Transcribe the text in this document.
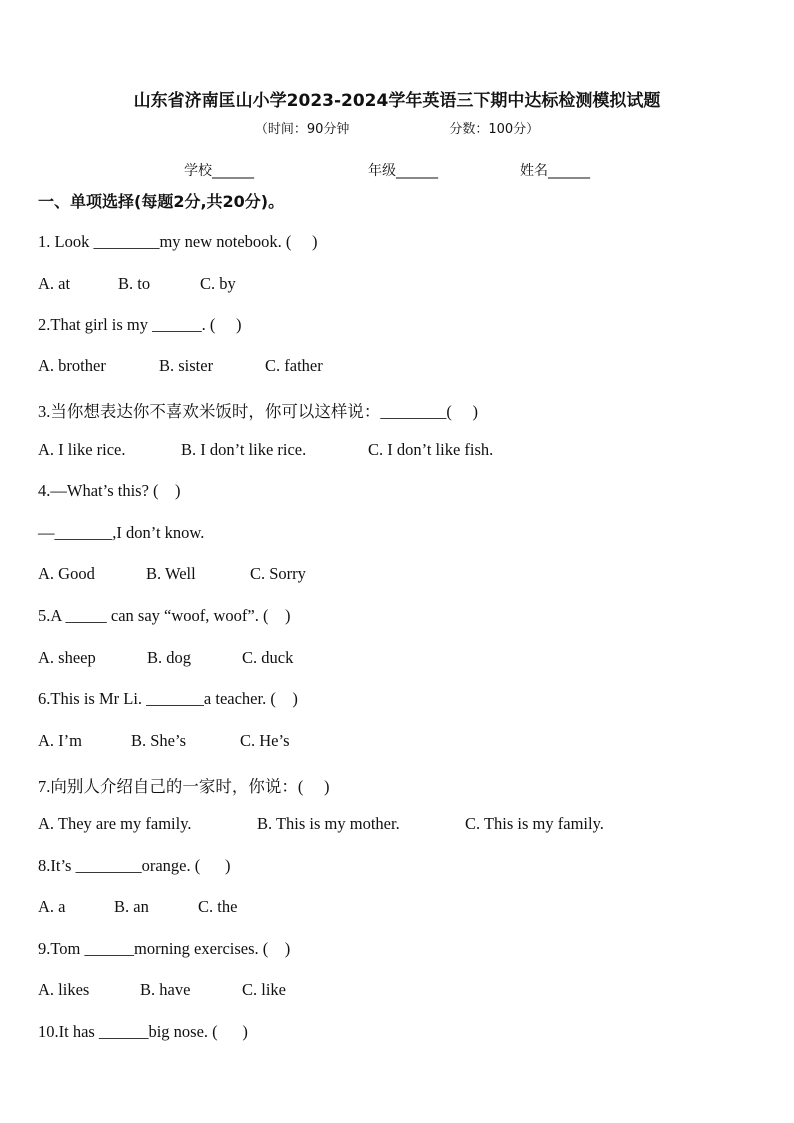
山东省济南匡山小学2023-2024学年英语三下期中达标检测模拟试题
（时间：90分钟	分数：100分）
学校______	年级______	姓名______
一、单项选择(每题2分,共20分)。
1. Look ________my new notebook. (     )
A. at	B. to	C. by
2.That girl is my ______. (     )
A. brother	B. sister	C. father
3.当你想表达你不喜欢米饭时，你可以这样说：________(     )
A. I like rice.	B. I don’t like rice.	C. I don’t like fish.
4.—What’s this? (    )
—_______,I don’t know.
A. Good	B. Well	C. Sorry
5.A _____ can say “woof, woof”. (    )
A. sheep	B. dog	C. duck
6.This is Mr Li. _______a teacher. (    )
A. I’m	B. She’s	C. He’s
7.向别人介绍自己的一家时，你说：(     )
A. They are my family.	B. This is my mother.	C. This is my family.
8.It’s ________orange. (      )
A. a	B. an	C. the
9.Tom ______morning exercises. (    )
A. likes	B. have	C. like
10.It has ______big nose. (      )
